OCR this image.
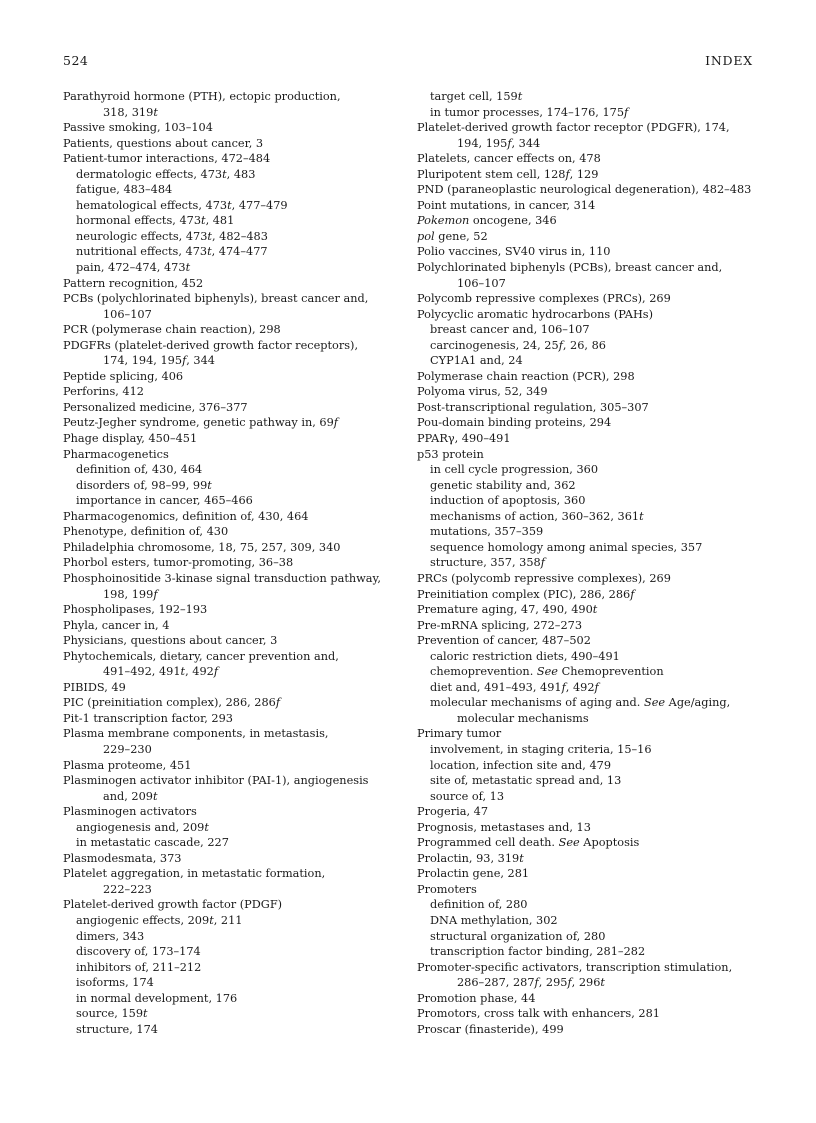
524	INDEX
Parathyroid hormone (PTH), ectopic production,
318, 319t
Passive smoking, 103–104
Patients, questions about cancer, 3
Patient-tumor interactions, 472–484
dermatologic effects, 473t, 483
fatigue, 483–484
hematological effects, 473t, 477–479
hormonal effects, 473t, 481
neurologic effects, 473t, 482–483
nutritional effects, 473t, 474–477
pain, 472–474, 473t
Pattern recognition, 452
PCBs (polychlorinated biphenyls), breast cancer and,
106–107
PCR (polymerase chain reaction), 298
PDGFRs (platelet-derived growth factor receptors),
174, 194, 195f, 344
Peptide splicing, 406
Perforins, 412
Personalized medicine, 376–377
Peutz-Jegher syndrome, genetic pathway in, 69f
Phage display, 450–451
Pharmacogenetics
definition of, 430, 464
disorders of, 98–99, 99t
importance in cancer, 465–466
Pharmacogenomics, definition of, 430, 464
Phenotype, definition of, 430
Philadelphia chromosome, 18, 75, 257, 309, 340
Phorbol esters, tumor-promoting, 36–38
Phosphoinositide 3-kinase signal transduction pathway,
198, 199f
Phospholipases, 192–193
Phyla, cancer in, 4
Physicians, questions about cancer, 3
Phytochemicals, dietary, cancer prevention and,
491–492, 491t, 492f
PIBIDS, 49
PIC (preinitiation complex), 286, 286f
Pit-1 transcription factor, 293
Plasma membrane components, in metastasis,
229–230
Plasma proteome, 451
Plasminogen activator inhibitor (PAI-1), angiogenesis
and, 209t
Plasminogen activators
angiogenesis and, 209t
in metastatic cascade, 227
Plasmodesmata, 373
Platelet aggregation, in metastatic formation,
222–223
Platelet-derived growth factor (PDGF)
angiogenic effects, 209t, 211
dimers, 343
discovery of, 173–174
inhibitors of, 211–212
isoforms, 174
in normal development, 176
source, 159t
structure, 174
target cell, 159t
in tumor processes, 174–176, 175f
Platelet-derived growth factor receptor (PDGFR), 174,
194, 195f, 344
Platelets, cancer effects on, 478
Pluripotent stem cell, 128f, 129
PND (paraneoplastic neurological degeneration), 482–483
Point mutations, in cancer, 314
Pokemon oncogene, 346
pol gene, 52
Polio vaccines, SV40 virus in, 110
Polychlorinated biphenyls (PCBs), breast cancer and,
106–107
Polycomb repressive complexes (PRCs), 269
Polycyclic aromatic hydrocarbons (PAHs)
breast cancer and, 106–107
carcinogenesis, 24, 25f, 26, 86
CYP1A1 and, 24
Polymerase chain reaction (PCR), 298
Polyoma virus, 52, 349
Post-transcriptional regulation, 305–307
Pou-domain binding proteins, 294
PPARγ, 490–491
p53 protein
in cell cycle progression, 360
genetic stability and, 362
induction of apoptosis, 360
mechanisms of action, 360–362, 361t
mutations, 357–359
sequence homology among animal species, 357
structure, 357, 358f
PRCs (polycomb repressive complexes), 269
Preinitiation complex (PIC), 286, 286f
Premature aging, 47, 490, 490t
Pre-mRNA splicing, 272–273
Prevention of cancer, 487–502
caloric restriction diets, 490–491
chemoprevention. See Chemoprevention
diet and, 491–493, 491f, 492f
molecular mechanisms of aging and. See Age/aging,
molecular mechanisms
Primary tumor
involvement, in staging criteria, 15–16
location, infection site and, 479
site of, metastatic spread and, 13
source of, 13
Progeria, 47
Prognosis, metastases and, 13
Programmed cell death. See Apoptosis
Prolactin, 93, 319t
Prolactin gene, 281
Promoters
definition of, 280
DNA methylation, 302
structural organization of, 280
transcription factor binding, 281–282
Promoter-specific activators, transcription stimulation,
286–287, 287f, 295f, 296t
Promotion phase, 44
Promotors, cross talk with enhancers, 281
Proscar (finasteride), 499
